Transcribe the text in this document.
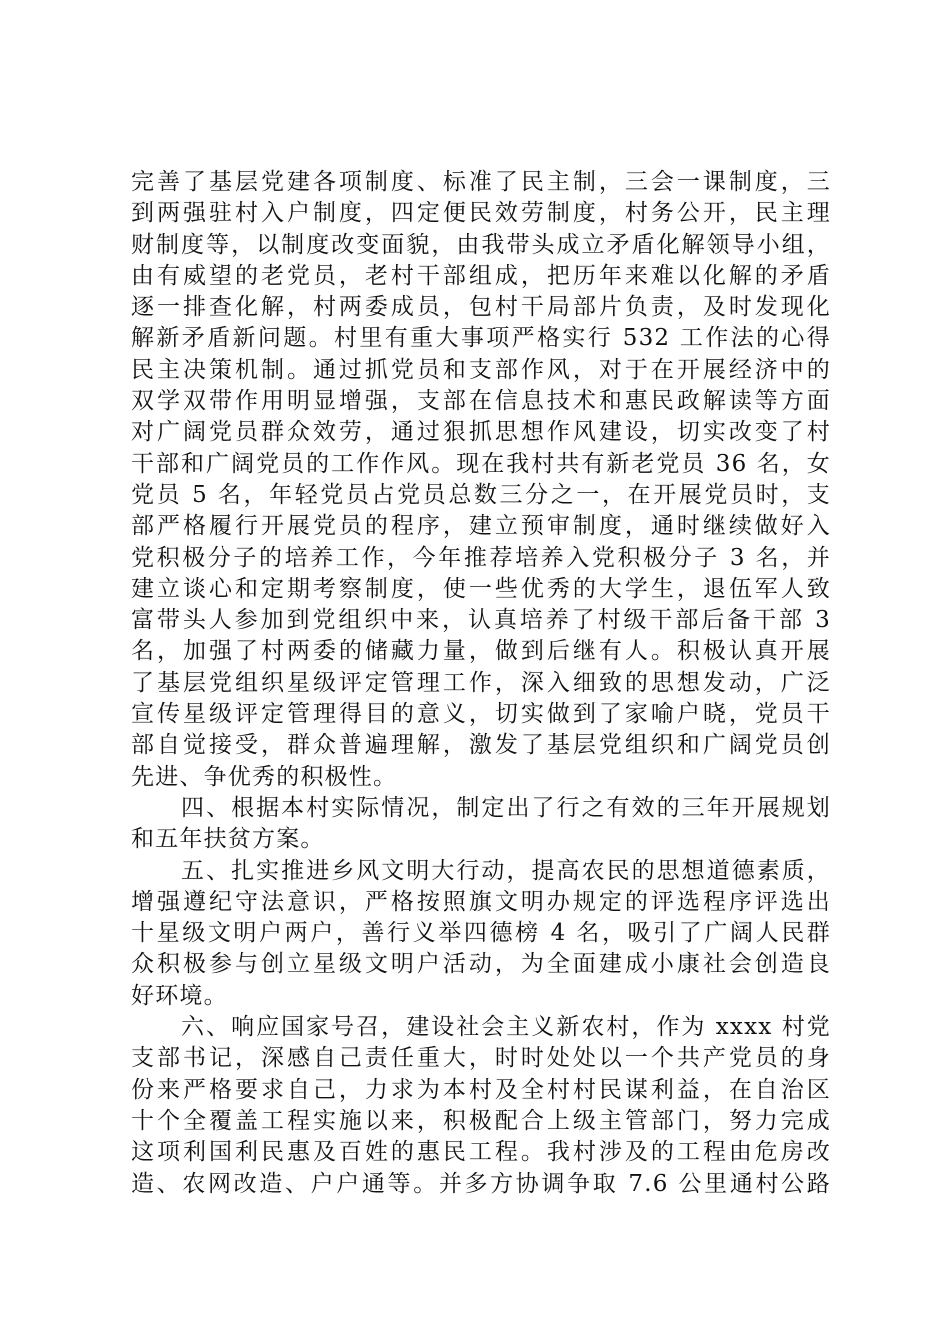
完善了基层党建各项制度、标准了民主制，三会一课制度，三
到两强驻村入户制度，四定便民效劳制度，村务公开，民主理
财制度等，以制度改变面貌，由我带头成立矛盾化解领导小组，
由有威望的老党员，老村干部组成，把历年来难以化解的矛盾
逐一排查化解，村两委成员，包村干局部片负责，及时发现化
解新矛盾新问题。村里有重大事项严格实行 532 工作法的心得
民主决策机制。通过抓党员和支部作风，对于在开展经济中的
双学双带作用明显增强，支部在信息技术和惠民政解读等方面
对广阔党员群众效劳，通过狠抓思想作风建设，切实改变了村
干部和广阔党员的工作作风。现在我村共有新老党员 36 名，女
党员 5 名，年轻党员占党员总数三分之一，在开展党员时，支
部严格履行开展党员的程序，建立预审制度，通时继续做好入
党积极分子的培养工作，今年推荐培养入党积极分子 3 名，并
建立谈心和定期考察制度，使一些优秀的大学生，退伍军人致
富带头人参加到党组织中来，认真培养了村级干部后备干部 3
名，加强了村两委的储藏力量，做到后继有人。积极认真开展
了基层党组织星级评定管理工作，深入细致的思想发动，广泛
宣传星级评定管理得目的意义，切实做到了家喻户晓，党员干
部自觉接受，群众普遍理解，激发了基层党组织和广阔党员创
先进、争优秀的积极性。
　　四、根据本村实际情况，制定出了行之有效的三年开展规划
和五年扶贫方案。
　　五、扎实推进乡风文明大行动，提高农民的思想道德素质，
增强遵纪守法意识，严格按照旗文明办规定的评选程序评选出
十星级文明户两户，善行义举四德榜 4 名，吸引了广阔人民群
众积极参与创立星级文明户活动，为全面建成小康社会创造良
好环境。
　　六、响应国家号召，建设社会主义新农村，作为 xxxx 村党
支部书记，深感自己责任重大，时时处处以一个共产党员的身
份来严格要求自己，力求为本村及全村村民谋利益，在自治区
十个全覆盖工程实施以来，积极配合上级主管部门，努力完成
这项利国利民惠及百姓的惠民工程。我村涉及的工程由危房改
造、农网改造、户户通等。并多方协调争取 7.6 公里通村公路
